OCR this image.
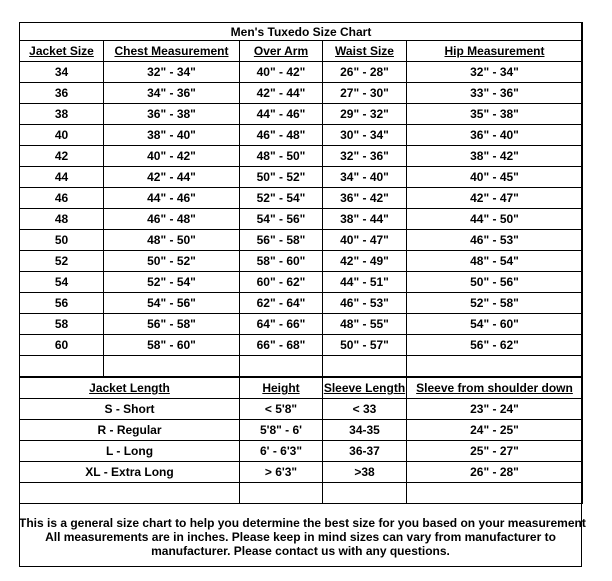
Men's Tuxedo Size Chart				
Jacket Size	Chest Measurement	Over Arm	Waist Size	Hip Measurement
34	32" - 34"	40" - 42"	26" - 28"	32" - 34"
36	34" - 36"	42" - 44"	27" - 30"	33" - 36"
38	36" - 38"	44" - 46"	29" - 32"	35" - 38"
40	38" - 40"	46" - 48"	30" - 34"	36" - 40"
42	40" - 42"	48" - 50"	32" - 36"	38" - 42"
44	42" - 44"	50" - 52"	34" - 40"	40" - 45"
46	44" - 46"	52" - 54"	36" - 42"	42" - 47"
48	46" - 48"	54" - 56"	38" - 44"	44" - 50"
50	48" - 50"	56" - 58"	40" - 47"	46" - 53"
52	50" - 52"	58" - 60"	42" - 49"	48" - 54"
54	52" - 54"	60" - 62"	44" - 51"	50" - 56"
56	54" - 56"	62" - 64"	46" - 53"	52" - 58"
58	56" - 58"	64" - 66"	48" - 55"	54" - 60"
60	58" - 60"	66" - 68"	50" - 57"	56" - 62"

Jacket Length	Height	Sleeve Length	Sleeve from shoulder down
S - Short	< 5'8"	< 33	23" - 24"
R - Regular	5'8" - 6'	34-35	24" - 25"
L - Long	6' - 6'3"	36-37	25" - 27"
XL - Extra Long	> 6'3"	>38	26" - 28"

This is a general size chart to help you determine the best size for you based on your measurement
All measurements are in inches. Please keep in mind sizes can vary from manufacturer to
manufacturer. Please contact us with any questions.
